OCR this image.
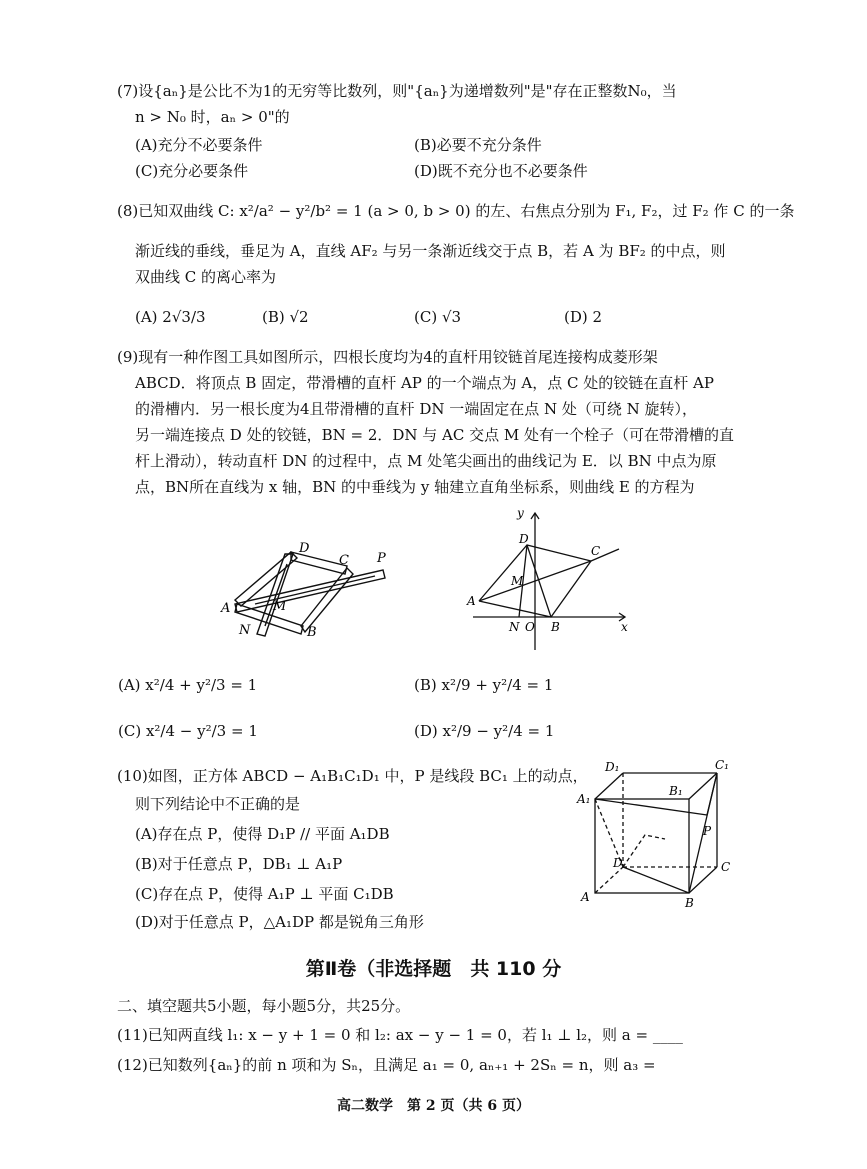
(7)设{aₙ}是公比不为1的无穷等比数列，则"{aₙ}为递增数列"是"存在正整数N₀，当
n > N₀ 时，aₙ > 0"的
(A)充分不必要条件	(B)必要不充分条件
(C)充分必要条件	(D)既不充分也不必要条件
(8)已知双曲线 C: x²/a² − y²/b² = 1 (a > 0, b > 0) 的左、右焦点分别为 F₁, F₂，过 F₂ 作 C 的一条
渐近线的垂线，垂足为 A，直线 AF₂ 与另一条渐近线交于点 B，若 A 为 BF₂ 的中点，则
双曲线 C 的离心率为
(A) 2√3/3	(B) √2	(C) √3	(D) 2
(9)现有一种作图工具如图所示，四根长度均为4的直杆用铰链首尾连接构成菱形架
ABCD．将顶点 B 固定，带滑槽的直杆 AP 的一个端点为 A，点 C 处的铰链在直杆 AP
的滑槽内．另一根长度为4且带滑槽的直杆 DN 一端固定在点 N 处（可绕 N 旋转），
另一端连接点 D 处的铰链，BN = 2．DN 与 AC 交点 M 处有一个栓子（可在带滑槽的直
杆上滑动），转动直杆 DN 的过程中，点 M 处笔尖画出的曲线记为 E．以 BN 中点为原
点，BN所在直线为 x 轴，BN 的中垂线为 y 轴建立直角坐标系，则曲线 E 的方程为
D
C P
A	M
N	B
y
D
C
M
A
N O B	x
(A) x²/4 + y²/3 = 1	(B) x²/9 + y²/4 = 1
(C) x²/4 − y²/3 = 1	(D) x²/9 − y²/4 = 1
(10)如图，正方体 ABCD − A₁B₁C₁D₁ 中，P 是线段 BC₁ 上的动点，
则下列结论中不正确的是
(A)存在点 P，使得 D₁P // 平面 A₁DB
(B)对于任意点 P，DB₁ ⊥ A₁P
(C)存在点 P，使得 A₁P ⊥ 平面 C₁DB
(D)对于任意点 P，△A₁DP 都是锐角三角形
D₁	C₁
A₁
B₁
P
D	C
A	B
第Ⅱ卷（非选择题　共 110 分
二、填空题共5小题，每小题5分，共25分。
(11)已知两直线 l₁: x − y + 1 = 0 和 l₂: ax − y − 1 = 0，若 l₁ ⊥ l₂，则 a = ____
(12)已知数列{aₙ}的前 n 项和为 Sₙ，且满足 a₁ = 0, aₙ₊₁ + 2Sₙ = n，则 a₃ =
高二数学　第 2 页（共 6 页）
